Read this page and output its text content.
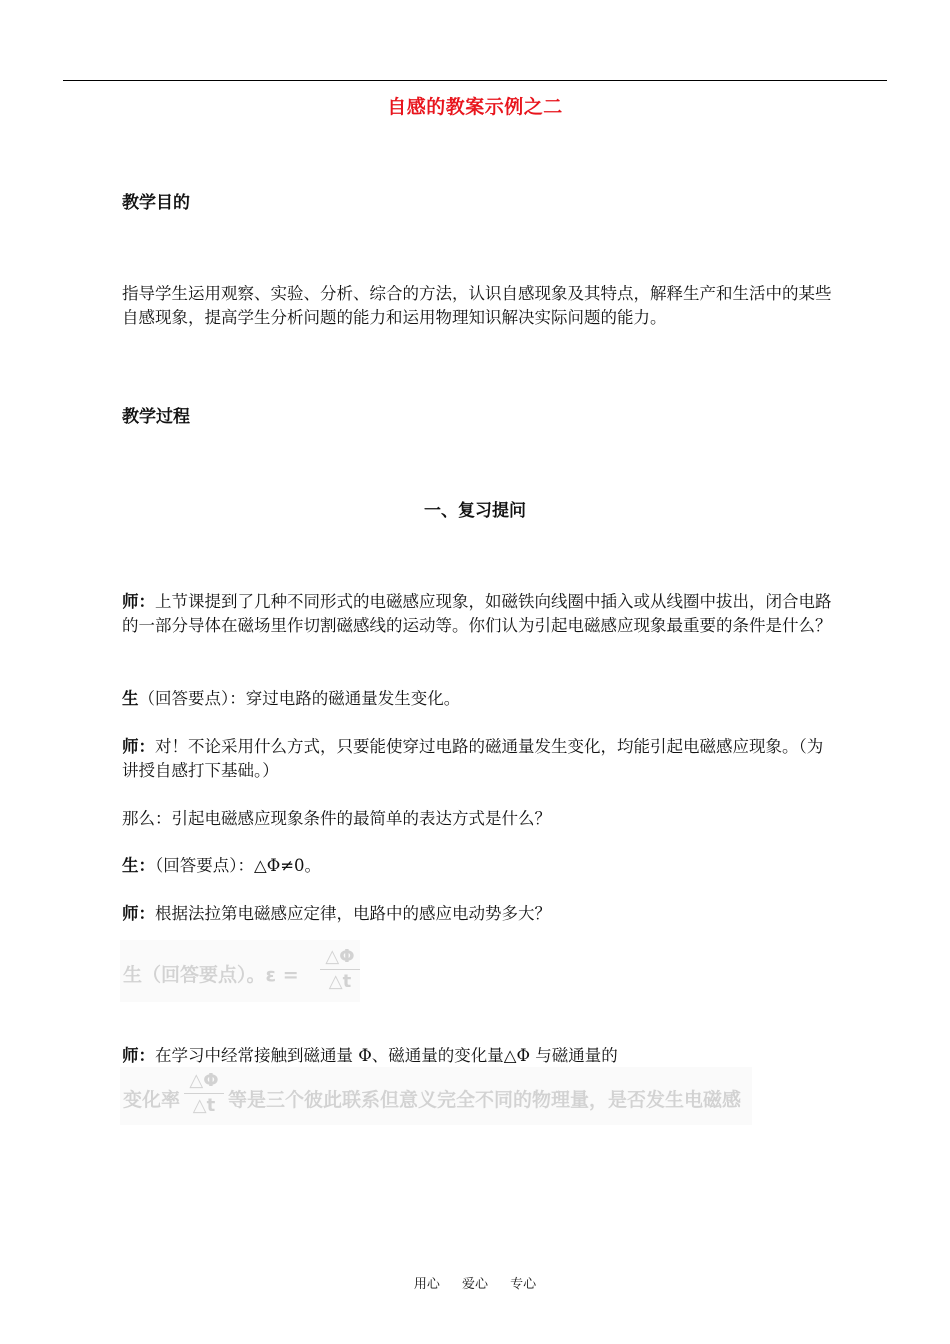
自感的教案示例之二
教学目的
指导学生运用观察、实验、分析、综合的方法，认识自感现象及其特点，解释生产和生活中的某些自感现象，提高学生分析问题的能力和运用物理知识解决实际问题的能力。
教学过程
一、复习提问
师：上节课提到了几种不同形式的电磁感应现象，如磁铁向线圈中插入或从线圈中拔出，闭合电路的一部分导体在磁场里作切割磁感线的运动等。你们认为引起电磁感应现象最重要的条件是什么？
生（回答要点）：穿过电路的磁通量发生变化。
师：对！不论采用什么方式，只要能使穿过电路的磁通量发生变化，均能引起电磁感应现象。（为讲授自感打下基础。）
那么：引起电磁感应现象条件的最简单的表达方式是什么？
生：（回答要点）：△Φ≠0。
师：根据法拉第电磁感应定律，电路中的感应电动势多大？
生（回答要点）。ε =
△Φ
△t
师：在学习中经常接触到磁通量 Φ、磁通量的变化量△Φ 与磁通量的
变化率
△Φ
△t 等是三个彼此联系但意义完全不同的物理量，是否发生电磁感
用心 爱心 专心
